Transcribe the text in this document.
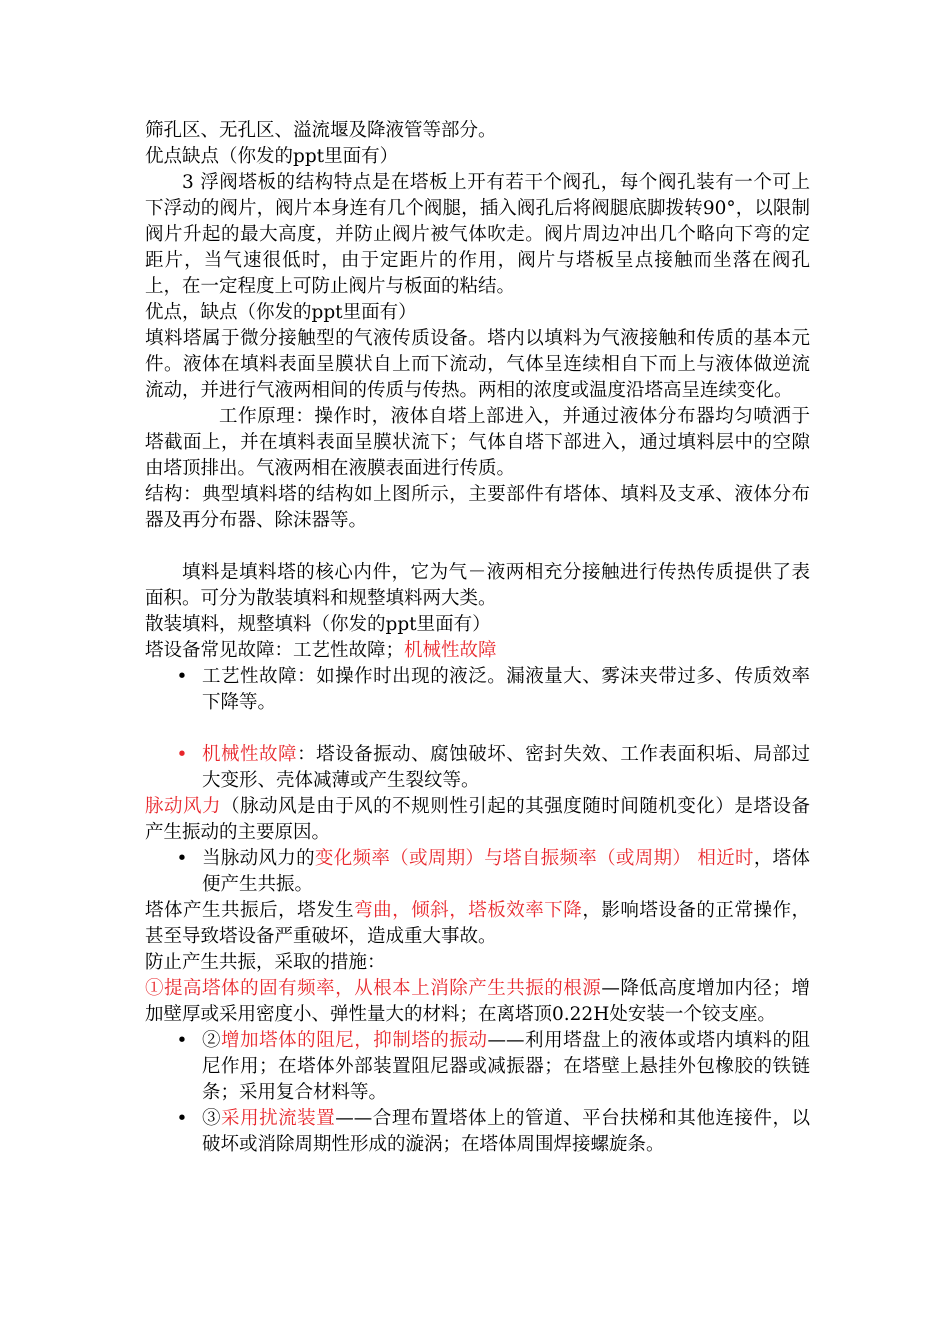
筛孔区、无孔区、溢流堰及降液管等部分。

优点缺点（你发的ppt里面有）

3 浮阀塔板的结构特点是在塔板上开有若干个阀孔，每个阀孔装有一个可上下浮动的阀片，阀片本身连有几个阀腿，插入阀孔后将阀腿底脚拨转90°，以限制阀片升起的最大高度，并防止阀片被气体吹走。阀片周边冲出几个略向下弯的定距片，当气速很低时，由于定距片的作用，阀片与塔板呈点接触而坐落在阀孔上，在一定程度上可防止阀片与板面的粘结。

优点，缺点（你发的ppt里面有）

填料塔属于微分接触型的气液传质设备。塔内以填料为气液接触和传质的基本元件。液体在填料表面呈膜状自上而下流动，气体呈连续相自下而上与液体做逆流流动，并进行气液两相间的传质与传热。两相的浓度或温度沿塔高呈连续变化。

工作原理：操作时，液体自塔上部进入，并通过液体分布器均匀喷洒于塔截面上，并在填料表面呈膜状流下；气体自塔下部进入，通过填料层中的空隙由塔顶排出。气液两相在液膜表面进行传质。

结构：典型填料塔的结构如上图所示，主要部件有塔体、填料及支承、液体分布器及再分布器、除沫器等。

填料是填料塔的核心内件，它为气－液两相充分接触进行传热传质提供了表面积。可分为散装填料和规整填料两大类。

散装填料，规整填料（你发的ppt里面有）

塔设备常见故障：工艺性故障；机械性故障

• 工艺性故障：如操作时出现的液泛。漏液量大、雾沫夹带过多、传质效率下降等。

• 机械性故障：塔设备振动、腐蚀破坏、密封失效、工作表面积垢、局部过大变形、壳体减薄或产生裂纹等。

脉动风力（脉动风是由于风的不规则性引起的其强度随时间随机变化）是塔设备产生振动的主要原因。

• 当脉动风力的变化频率（或周期）与塔自振频率（或周期） 相近时，塔体便产生共振。

塔体产生共振后，塔发生弯曲，倾斜，塔板效率下降，影响塔设备的正常操作，甚至导致塔设备严重破坏，造成重大事故。

防止产生共振，采取的措施：

①提高塔体的固有频率，从根本上消除产生共振的根源—降低高度增加内径；增加壁厚或采用密度小、弹性量大的材料；在离塔顶0.22H处安装一个铰支座。

• ②增加塔体的阻尼，抑制塔的振动——利用塔盘上的液体或塔内填料的阻尼作用；在塔体外部装置阻尼器或减振器；在塔壁上悬挂外包橡胶的铁链条；采用复合材料等。

• ③采用扰流装置——合理布置塔体上的管道、平台扶梯和其他连接件，以破坏或消除周期性形成的漩涡；在塔体周围焊接螺旋条。
